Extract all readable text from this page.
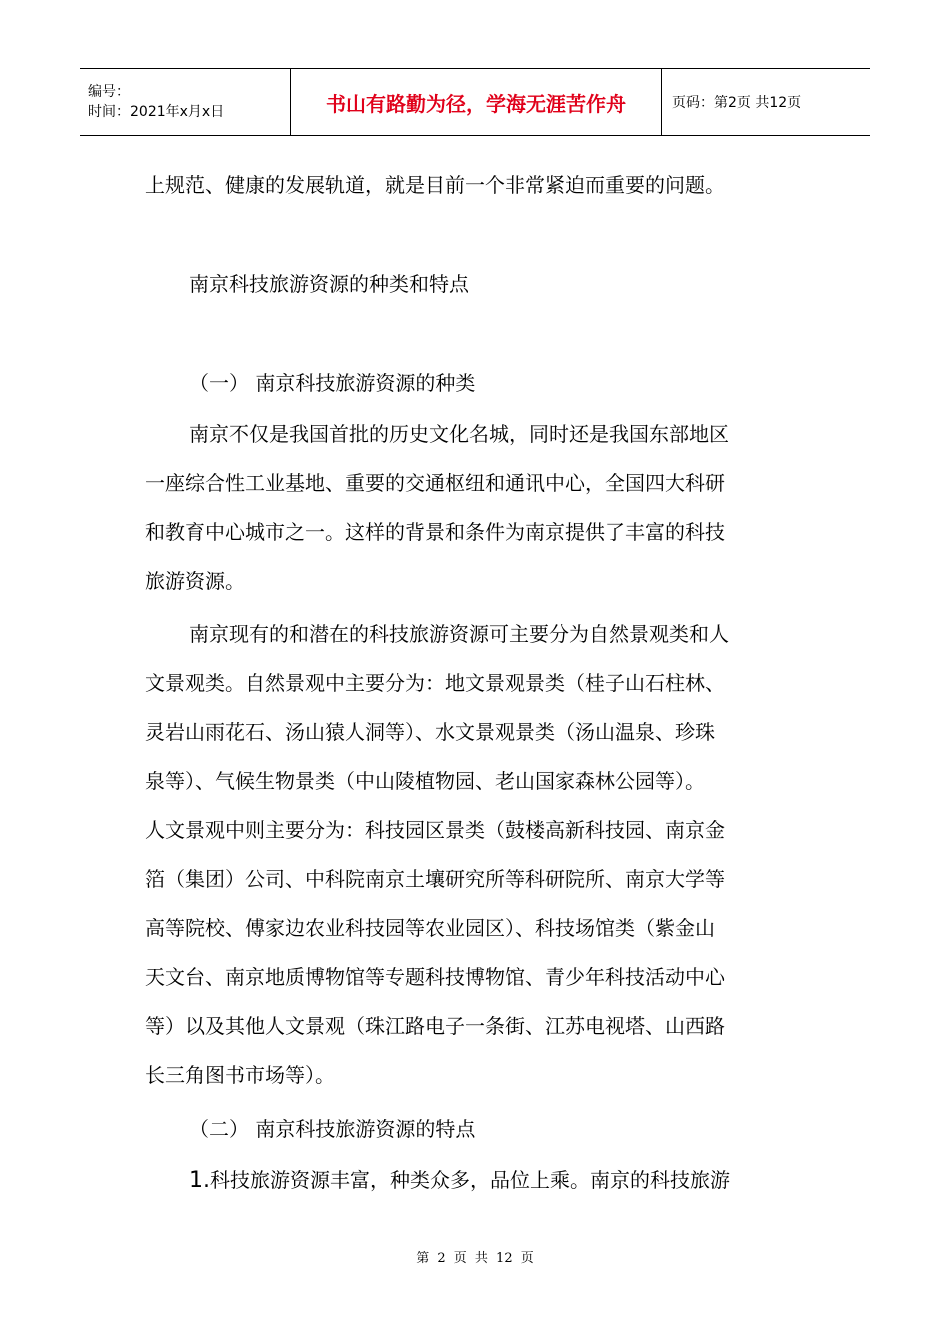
编号：
时间：2021年x月x日	书山有路勤为径，学海无涯苦作舟	页码：第2页 共12页

上规范、健康的发展轨道，就是目前一个非常紧迫而重要的问题。

南京科技旅游资源的种类和特点

（一） 南京科技旅游资源的种类

南京不仅是我国首批的历史文化名城，同时还是我国东部地区

一座综合性工业基地、重要的交通枢纽和通讯中心，全国四大科研

和教育中心城市之一。这样的背景和条件为南京提供了丰富的科技

旅游资源。

南京现有的和潜在的科技旅游资源可主要分为自然景观类和人

文景观类。自然景观中主要分为：地文景观景类（桂子山石柱林、

灵岩山雨花石、汤山猿人洞等）、水文景观景类（汤山温泉、珍珠

泉等）、气候生物景类（中山陵植物园、老山国家森林公园等）。

人文景观中则主要分为：科技园区景类（鼓楼高新科技园、南京金

箔（集团）公司、中科院南京土壤研究所等科研院所、南京大学等

高等院校、傅家边农业科技园等农业园区）、科技场馆类（紫金山

天文台、南京地质博物馆等专题科技博物馆、青少年科技活动中心

等）以及其他人文景观（珠江路电子一条街、江苏电视塔、山西路

长三角图书市场等）。

（二） 南京科技旅游资源的特点

1.科技旅游资源丰富，种类众多，品位上乘。南京的科技旅游

第 2 页 共 12 页
